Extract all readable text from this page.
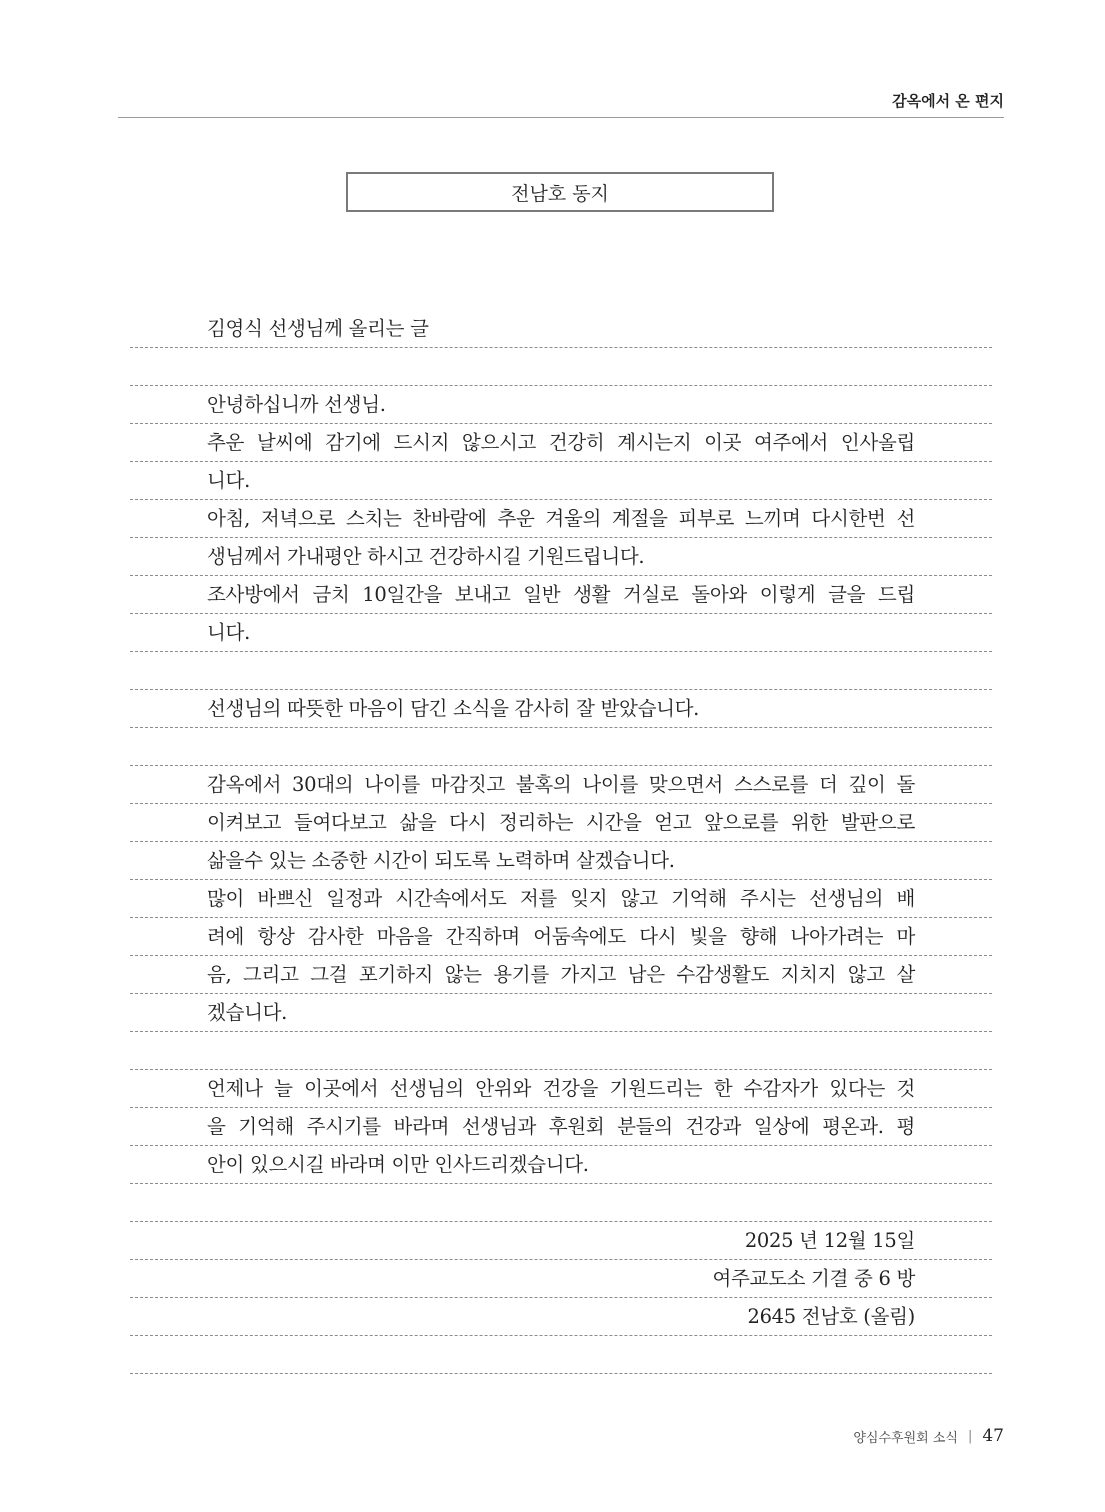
감옥에서 온 편지
전남호 동지
김영식 선생님께 올리는 글
안녕하십니까 선생님.
추운 날씨에 감기에 드시지 않으시고 건강히 계시는지 이곳 여주에서 인사올립
니다.
아침, 저녁으로 스치는 찬바람에 추운 겨울의 계절을 피부로 느끼며 다시한번 선
생님께서 가내평안 하시고 건강하시길 기원드립니다.
조사방에서 금치 10일간을 보내고 일반 생활 거실로 돌아와 이렇게 글을 드립
니다.
선생님의 따뜻한 마음이 담긴 소식을 감사히 잘 받았습니다.
감옥에서 30대의 나이를 마감짓고 불혹의 나이를 맞으면서 스스로를 더 깊이 돌
이켜보고 들여다보고 삶을 다시 정리하는 시간을 얻고 앞으로를 위한 발판으로
삶을수 있는 소중한 시간이 되도록 노력하며 살겠습니다.
많이 바쁘신 일정과 시간속에서도 저를 잊지 않고 기억해 주시는 선생님의 배
려에 항상 감사한 마음을 간직하며 어둠속에도 다시 빛을 향해 나아가려는 마
음, 그리고 그걸 포기하지 않는 용기를 가지고 남은 수감생활도 지치지 않고 살
겠습니다.
언제나 늘 이곳에서 선생님의 안위와 건강을 기원드리는 한 수감자가 있다는 것
을 기억해 주시기를 바라며 선생님과 후원회 분들의 건강과 일상에 평온과. 평
안이 있으시길 바라며 이만 인사드리겠습니다.
2025 년 12월 15일
여주교도소 기결 중 6 방
2645 전남호 (올림)
양심수후원회 소식 | 47
